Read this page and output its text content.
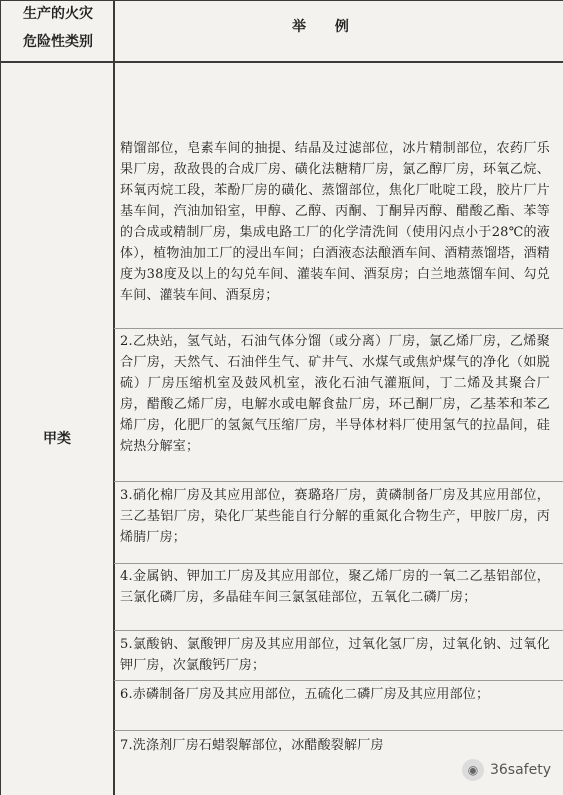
生产的火灾
危险性类别
举 例

甲类
精馏部位，皂素车间的抽提、结晶及过滤部位，冰片精制部位，农药厂乐果厂房，敌敌畏的合成厂房、磺化法糖精厂房，氯乙醇厂房，环氧乙烷、环氧丙烷工段，苯酚厂房的磺化、蒸馏部位，焦化厂吡啶工段，胶片厂片基车间，汽油加铅室，甲醇、乙醇、丙酮、丁酮异丙醇、醋酸乙酯、苯等的合成或精制厂房，集成电路工厂的化学清洗间（使用闪点小于28℃的液体），植物油加工厂的浸出车间；白酒液态法酿酒车间、酒精蒸馏塔，酒精度为38度及以上的勾兑车间、灌装车间、酒泵房；白兰地蒸馏车间、勾兑车间、灌装车间、酒泵房；
2.乙炔站，氢气站，石油气体分馏（或分离）厂房，氯乙烯厂房，乙烯聚合厂房，天然气、石油伴生气、矿井气、水煤气或焦炉煤气的净化（如脱硫）厂房压缩机室及鼓风机室，液化石油气灌瓶间，丁二烯及其聚合厂房，醋酸乙烯厂房，电解水或电解食盐厂房，环己酮厂房，乙基苯和苯乙烯厂房，化肥厂的氢氮气压缩厂房，半导体材料厂使用氢气的拉晶间，硅烷热分解室；
3.硝化棉厂房及其应用部位，赛璐珞厂房，黄磷制备厂房及其应用部位，三乙基铝厂房，染化厂某些能自行分解的重氮化合物生产，甲胺厂房，丙烯腈厂房；
4.金属钠、钾加工厂房及其应用部位，聚乙烯厂房的一氧二乙基铝部位，三氯化磷厂房，多晶硅车间三氯氢硅部位，五氧化二磷厂房；
5.氯酸钠、氯酸钾厂房及其应用部位，过氧化氢厂房，过氧化钠、过氧化钾厂房，次氯酸钙厂房；
6.赤磷制备厂房及其应用部位，五硫化二磷厂房及其应用部位；
7.洗涤剂厂房石蜡裂解部位，冰醋酸裂解厂房
◉ 36safety
